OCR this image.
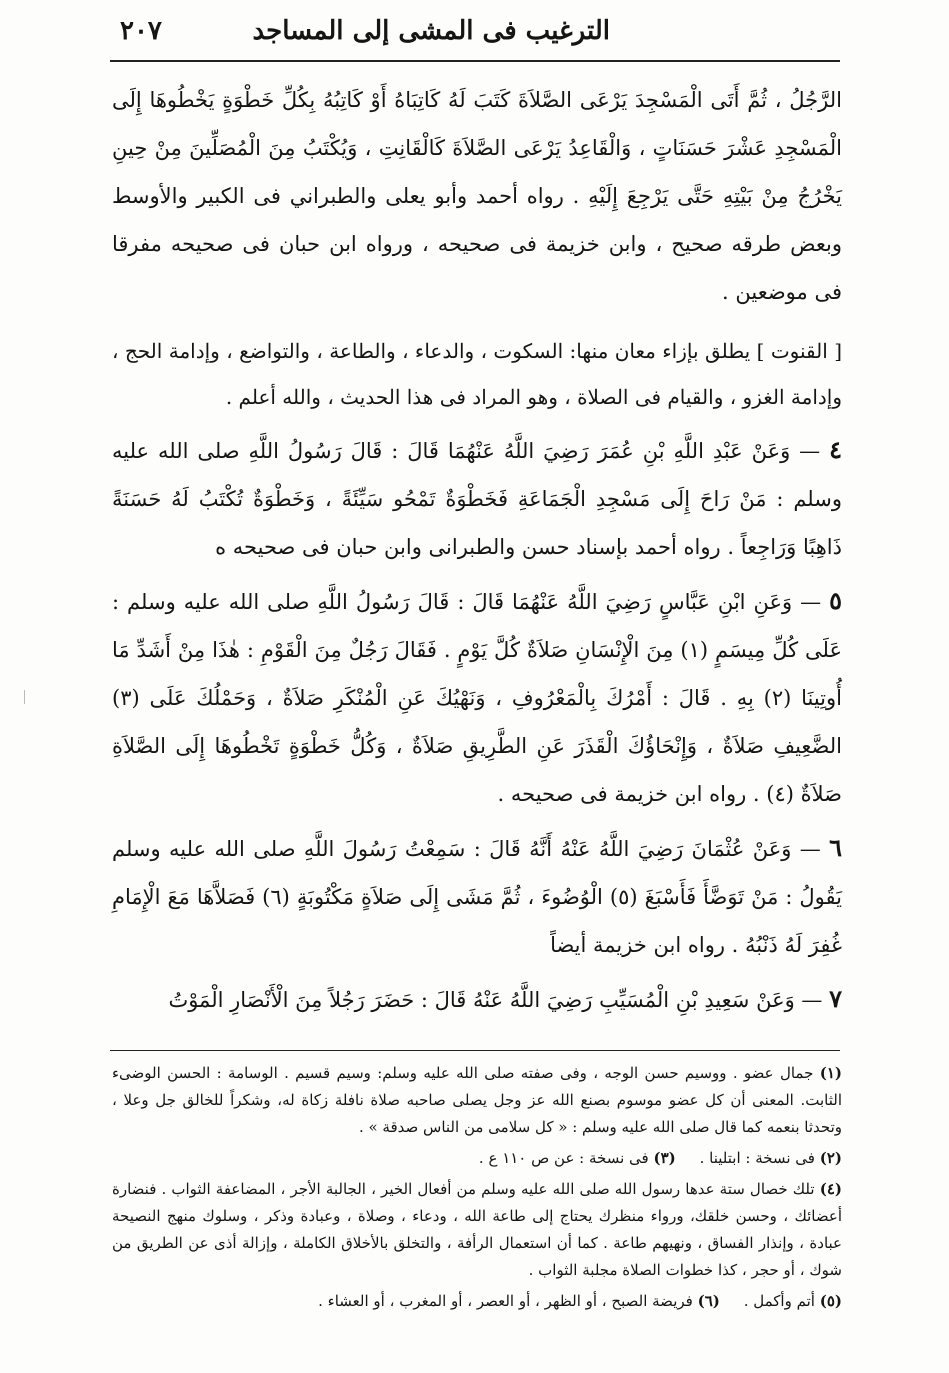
الترغيب فى المشى إلى المساجد
٢٠٧

الرَّجُلُ ، ثُمَّ أَتَى الْمَسْجِدَ يَرْعَى الصَّلاَةَ كَتَبَ لَهُ كَاتِبَاهُ أَوْ كَاتِبُهُ بِكُلِّ خَطْوَةٍ يَخْطُوهَا إِلَى الْمَسْجِدِ عَشْرَ حَسَنَاتٍ ، وَالْقَاعِدُ يَرْعَى الصَّلاَةَ كَالْقَانِتِ ، وَيُكْتَبُ مِنَ الْمُصَلِّينَ مِنْ حِينِ يَخْرُجُ مِنْ بَيْتِهِ حَتَّى يَرْجِعَ إِلَيْهِ . رواه أحمد وأبو يعلى والطبراني فى الكبير والأوسط وبعض طرقه صحيح ، وابن خزيمة فى صحيحه ، ورواه ابن حبان فى صحيحه مفرقا فى موضعين .

[ القنوت ] يطلق بإزاء معان منها: السكوت ، والدعاء ، والطاعة ، والتواضع ، وإدامة الحج ، وإدامة الغزو ، والقيام فى الصلاة ، وهو المراد فى هذا الحديث ، والله أعلم .

٤ — وَعَنْ عَبْدِ اللَّهِ بْنِ عُمَرَ رَضِيَ اللَّهُ عَنْهُمَا قَالَ : قَالَ رَسُولُ اللَّهِ صلى الله عليه وسلم : مَنْ رَاحَ إِلَى مَسْجِدِ الْجَمَاعَةِ فَخَطْوَةٌ تَمْحُو سَيِّئَةً ، وَخَطْوَةٌ تُكْتَبُ لَهُ حَسَنَةً ذَاهِبًا وَرَاجِعاً . رواه أحمد بإسناد حسن والطبرانى وابن حبان فى صحيحه ه

٥ — وَعَنِ ابْنِ عَبَّاسٍ رَضِيَ اللَّهُ عَنْهُمَا قَالَ : قَالَ رَسُولُ اللَّهِ صلى الله عليه وسلم : عَلَى كُلِّ مِيسَمٍ (١) مِنَ الْإِنْسَانِ صَلاَةٌ كُلَّ يَوْمٍ . فَقَالَ رَجُلٌ مِنَ الْقَوْمِ : هٰذَا مِنْ أَشَدِّ مَا أُوتِينَا (٢) بِهِ . قَالَ : أَمْرُكَ بِالْمَعْرُوفِ ، وَنَهْيُكَ عَنِ الْمُنْكَرِ صَلاَةٌ ، وَحَمْلُكَ عَلَى (٣) الضَّعِيفِ صَلاَةٌ ، وَإِنْحَاؤُكَ الْقَذَرَ عَنِ الطَّرِيقِ صَلاَةٌ ، وَكُلُّ خَطْوَةٍ تَخْطُوهَا إِلَى الصَّلاَةِ صَلاَةٌ (٤) . رواه ابن خزيمة فى صحيحه .

٦ — وَعَنْ عُثْمَانَ رَضِيَ اللَّهُ عَنْهُ أَنَّهُ قَالَ : سَمِعْتُ رَسُولَ اللَّهِ صلى الله عليه وسلم يَقُولُ : مَنْ تَوَضَّأَ فَأَسْبَغَ (٥) الْوُضُوءَ ، ثُمَّ مَشَى إِلَى صَلاَةٍ مَكْتُوبَةٍ (٦) فَصَلاَّهَا مَعَ الْإِمَامِ غُفِرَ لَهُ ذَنْبُهُ . رواه ابن خزيمة أيضاً

٧ — وَعَنْ سَعِيدِ بْنِ الْمُسَيِّبِ رَضِيَ اللَّهُ عَنْهُ قَالَ : حَضَرَ رَجُلاً مِنَ الْأَنْصَارِ الْمَوْتُ

(١) جمال عضو . ووسيم حسن الوجه ، وفى صفته صلى الله عليه وسلم: وسيم قسيم . الوسامة : الحسن الوضىء الثابت. المعنى أن كل عضو موسوم بصنع الله عز وجل يصلى صاحبه صلاة نافلة زكاة له، وشكراً للخالق جل وعلا ، وتحدثا بنعمه كما قال صلى الله عليه وسلم : « كل سلامى من الناس صدقة » .

(٢) فى نسخة : ابتلينا .     (٣) فى نسخة : عن ص ١١٠ ع .

(٤) تلك خصال ستة عدها رسول الله صلى الله عليه وسلم من أفعال الخير ، الجالبة الأجر ، المضاعفة الثواب . فنضارة أعضائك ، وحسن خلقك، ورواء منظرك يحتاج إلى طاعة الله ، ودعاء ، وصلاة ، وعبادة وذكر ، وسلوك منهج النصيحة عبادة ، وإنذار الفساق ، ونهيهم طاعة . كما أن استعمال الرأفة ، والتخلق بالأخلاق الكاملة ، وإزالة أذى عن الطريق من شوك ، أو حجر ، كذا خطوات الصلاة مجلبة الثواب .

(٥) أتم وأكمل .     (٦) فريضة الصبح ، أو الظهر ، أو العصر ، أو المغرب ، أو العشاء .
